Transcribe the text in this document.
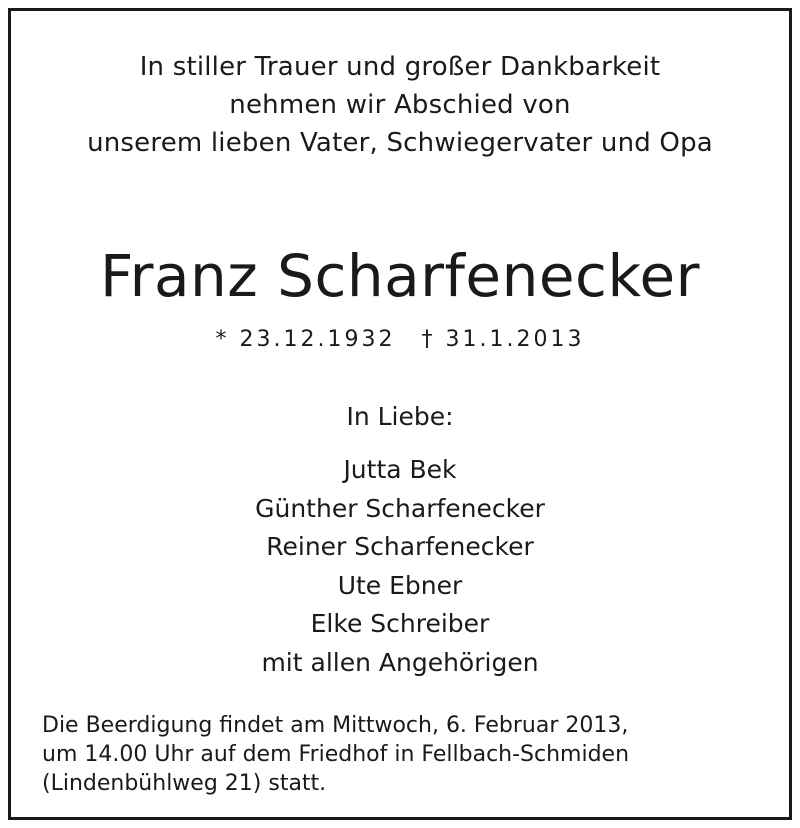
In stiller Trauer und großer Dankbarkeit
nehmen wir Abschied von
unserem lieben Vater, Schwiegervater und Opa
Franz Scharfenecker
* 23.12.1932 † 31.1.2013
In Liebe:
Jutta Bek
Günther Scharfenecker
Reiner Scharfenecker
Ute Ebner
Elke Schreiber
mit allen Angehörigen
Die Beerdigung findet am Mittwoch, 6. Februar 2013,
um 14.00 Uhr auf dem Friedhof in Fellbach-Schmiden
(Lindenbühlweg 21) statt.
